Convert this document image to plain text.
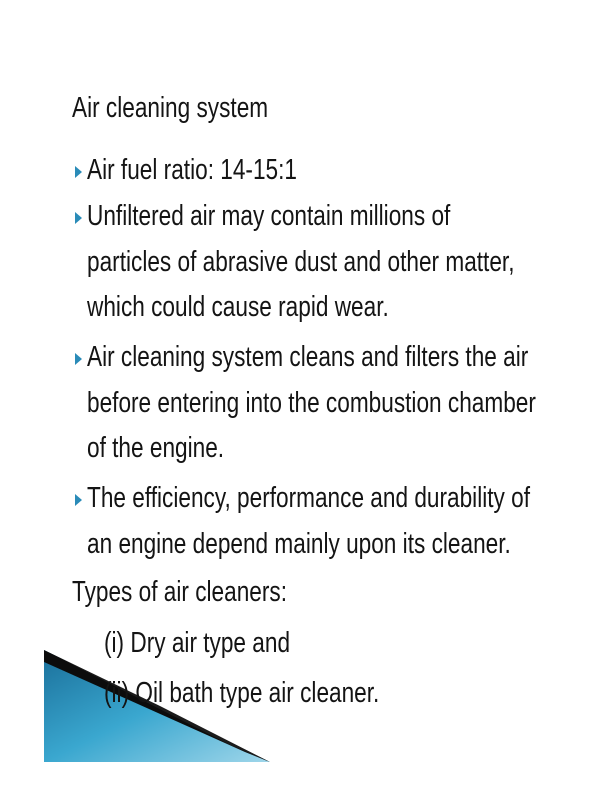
Air cleaning system
Air fuel ratio: 14-15:1
Unfiltered air may contain millions of
particles of abrasive dust and other matter,
which could cause rapid wear.
Air cleaning system cleans and filters the air
before entering into the combustion chamber
of the engine.
The efficiency, performance and durability of
an engine depend mainly upon its cleaner.
Types of air cleaners:
(i) Dry air type and
(ii) Oil bath type air cleaner.
